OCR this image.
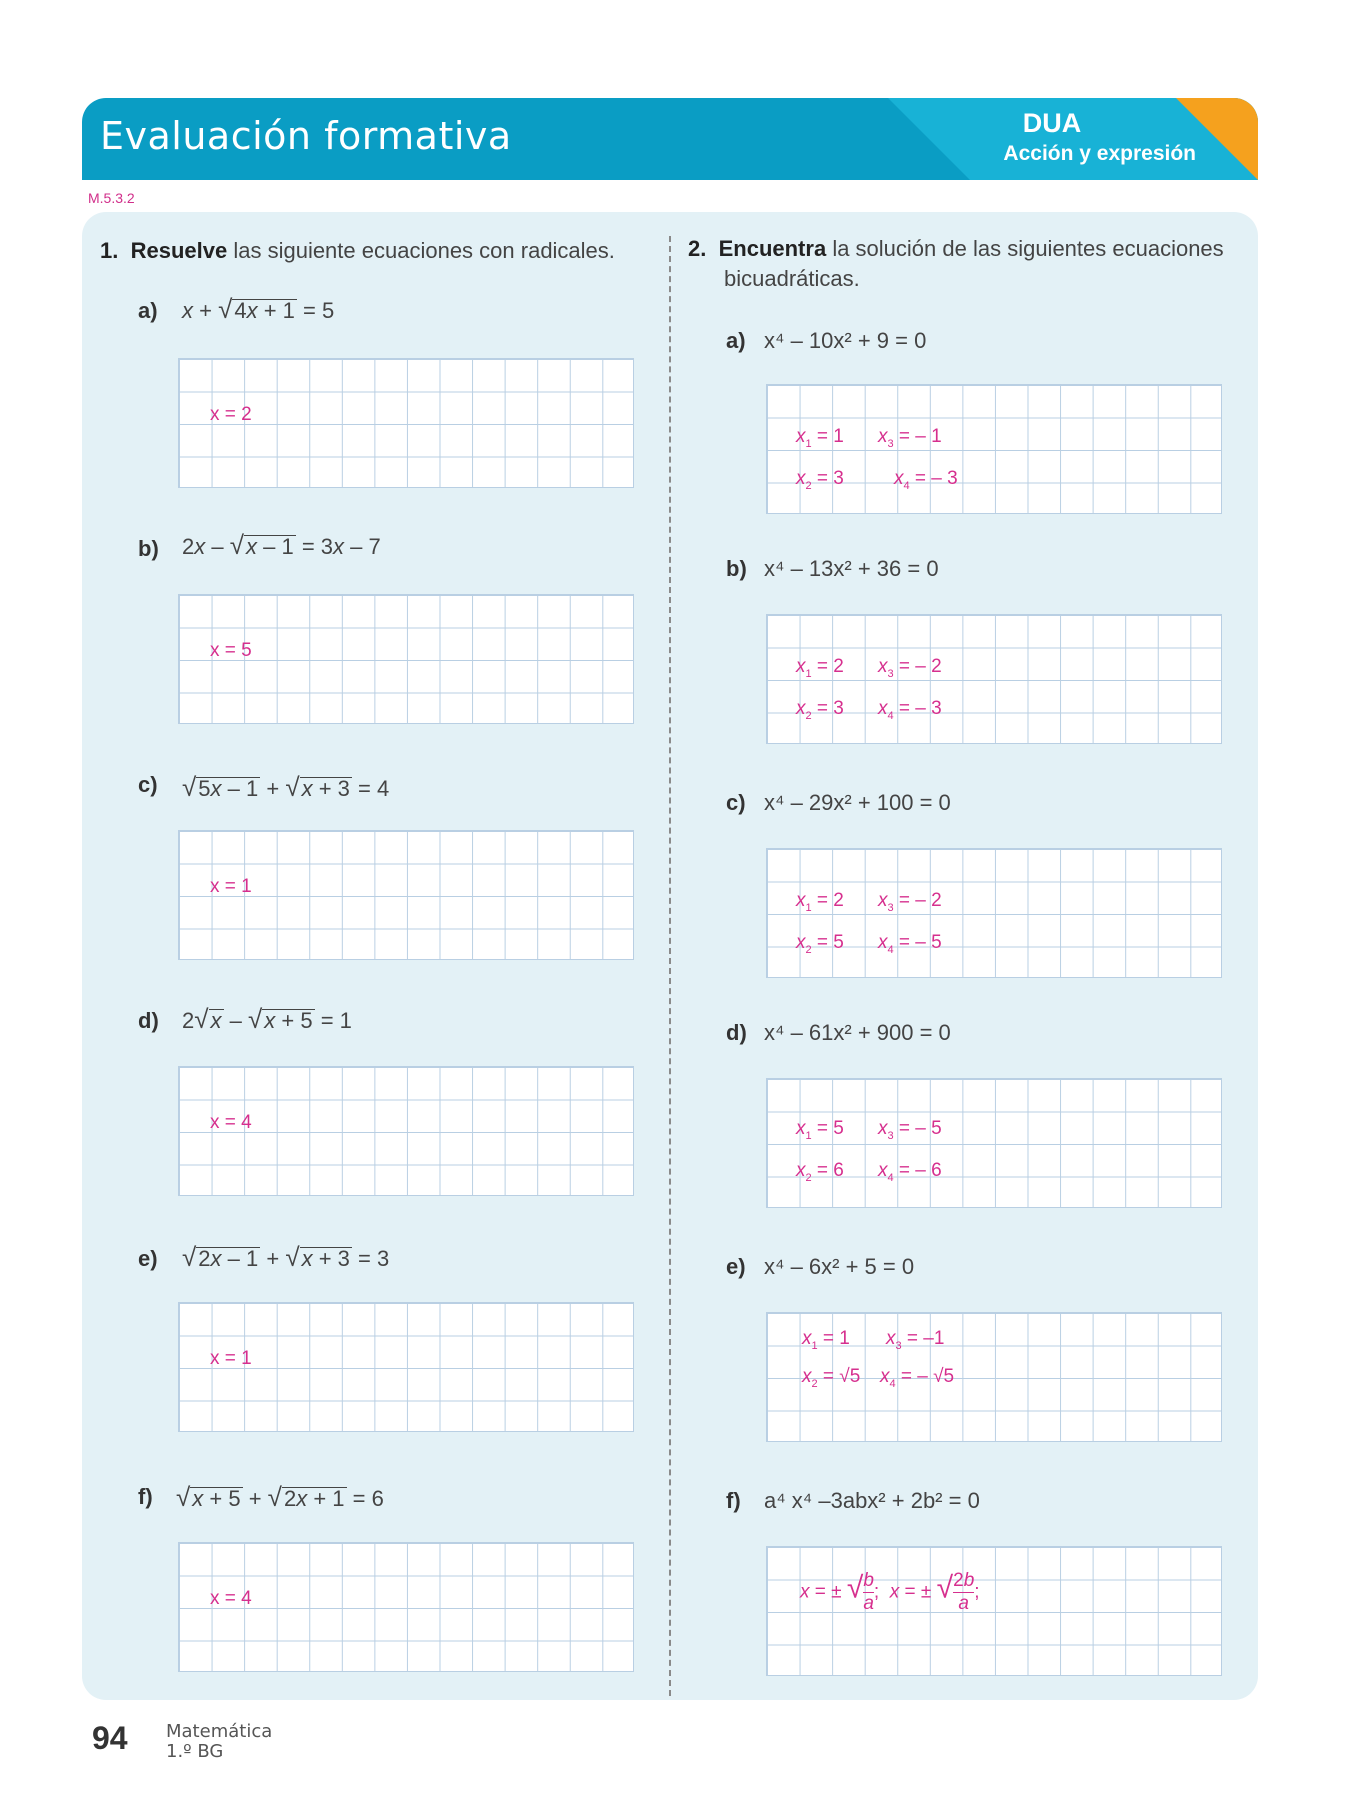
Evaluación formativa	DUA
Acción y expresión
M.5.3.2
1. Resuelve las siguiente ecuaciones con radicales.
a) x + √4x + 1 = 5
x = 2
b) 2x – √x – 1 = 3x – 7
x = 5
c) √5x – 1 + √x + 3 = 4
x = 1
d) 2√x – √x + 5 = 1
x = 4
e) √2x – 1 + √x + 3 = 3
x = 1
f) √x + 5 + √2x + 1 = 6
x = 4
2. Encuentra la solución de las siguientes ecuaciones
bicuadráticas.
a) x⁴ – 10x² + 9 = 0
$x_1 = 1$ $x_3$ = – 1
$x_2 = 3$	$x_4$ = – 3
b) x⁴ – 13x² + 36 = 0
$x_1 = 2$ $x_3$ = – 2
$x_2 = 3$ $x_4$ = – 3
c) x⁴ – 29x² + 100 = 0
$x_1 = 2$ $x_3$ = – 2
$x_2 = 5$ $x_4$ = – 5
d) x⁴ – 61x² + 900 = 0
$x_1 = 5$ $x_3$ = – 5
$x_2 = 6$ $x_4$ = – 6
e) x⁴ – 6x² + 5 = 0
$x_1 = 1$ $x_3 = -1$
$x_2 = √5$ $x_4$ = – √5
f) a⁴ x⁴ –3abx² + 2b² = 0
x = ± √ $\frac{b}{a}$ ;  x = ± √ $\frac{2b}{a}$ ;
94 Matemática
1.º BG
